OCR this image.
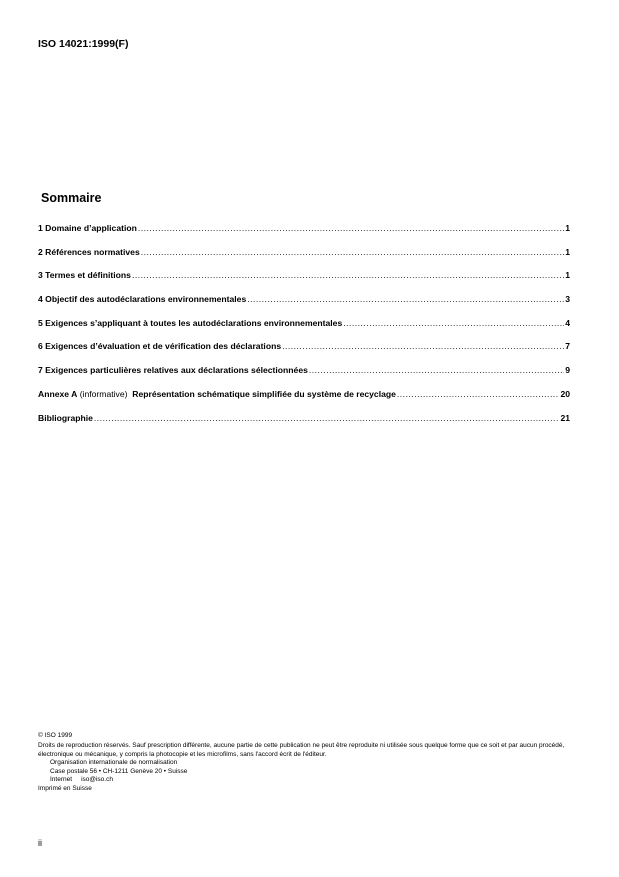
ISO 14021:1999(F)
Sommaire
1 Domaine d’application .....	1
2 Références normatives .....	1
3 Termes et définitions .....	1
4 Objectif des autodéclarations environnementales .....	3
5 Exigences s’appliquant à toutes les autodéclarations environnementales .....	4
6 Exigences d’évaluation et de vérification des déclarations .....	7
7 Exigences particulières relatives aux déclarations sélectionnées .....	9
Annexe A (informative)  Représentation schématique simplifiée du système de recyclage .....	20
Bibliographie .....	21
© ISO 1999
Droits de reproduction réservés. Sauf prescription différente, aucune partie de cette publication ne peut être reproduite ni utilisée sous quelque forme que ce soit et par aucun procédé, électronique ou mécanique, y compris la photocopie et les microfilms, sans l'accord écrit de l'éditeur.
Organisation internationale de normalisation
Case postale 56 • CH-1211 Genève 20 • Suisse
Internet     iso@iso.ch
Imprimé en Suisse
ii
